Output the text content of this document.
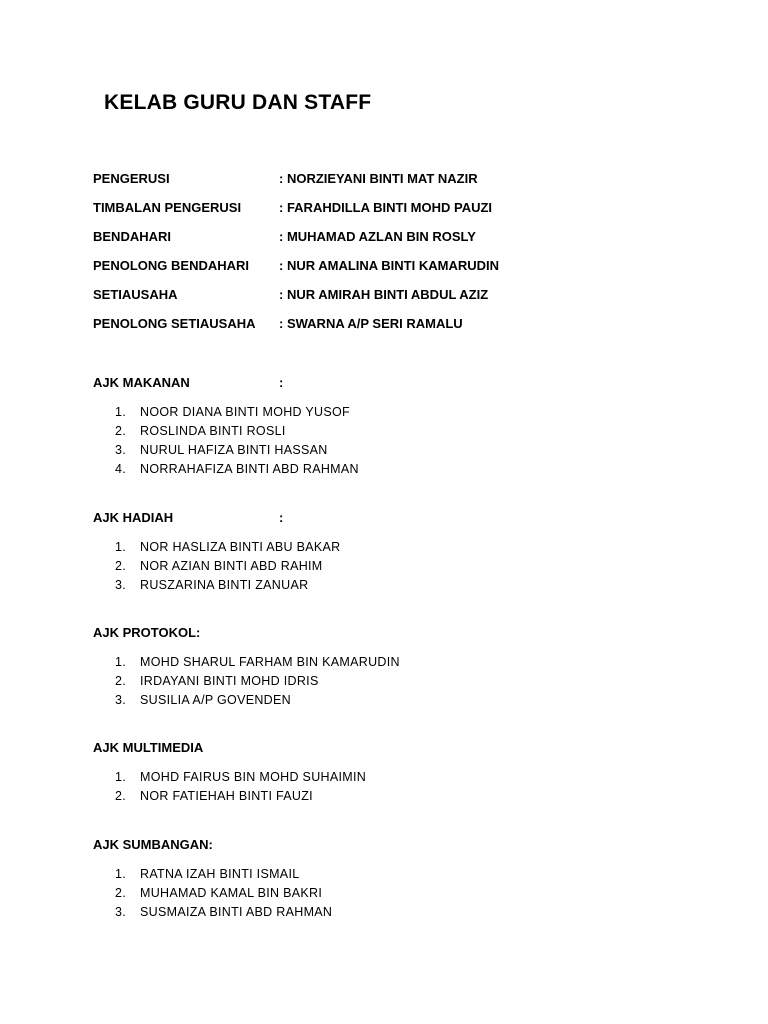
KELAB GURU DAN STAFF
PENGERUSI	: NORZIEYANI BINTI MAT NAZIR
TIMBALAN PENGERUSI	: FARAHDILLA BINTI MOHD PAUZI
BENDAHARI	: MUHAMAD AZLAN BIN ROSLY
PENOLONG BENDAHARI : NUR AMALINA BINTI KAMARUDIN
SETIAUSAHA	: NUR AMIRAH BINTI ABDUL AZIZ
PENOLONG SETIAUSAHA : SWARNA A/P SERI RAMALU
AJK MAKANAN	:
1. NOOR DIANA BINTI MOHD YUSOF
2. ROSLINDA BINTI ROSLI
3. NURUL HAFIZA BINTI HASSAN
4. NORRAHAFIZA BINTI ABD RAHMAN
AJK HADIAH	:
1. NOR HASLIZA BINTI ABU BAKAR
2. NOR AZIAN BINTI ABD RAHIM
3. RUSZARINA BINTI ZANUAR
AJK PROTOKOL:
1. MOHD SHARUL FARHAM BIN KAMARUDIN
2. IRDAYANI BINTI MOHD IDRIS
3. SUSILIA A/P GOVENDEN
AJK MULTIMEDIA
1. MOHD FAIRUS BIN MOHD SUHAIMIN
2. NOR FATIEHAH BINTI FAUZI
AJK SUMBANGAN:
1. RATNA IZAH BINTI ISMAIL
2. MUHAMAD KAMAL BIN BAKRI
3. SUSMAIZA BINTI ABD RAHMAN
